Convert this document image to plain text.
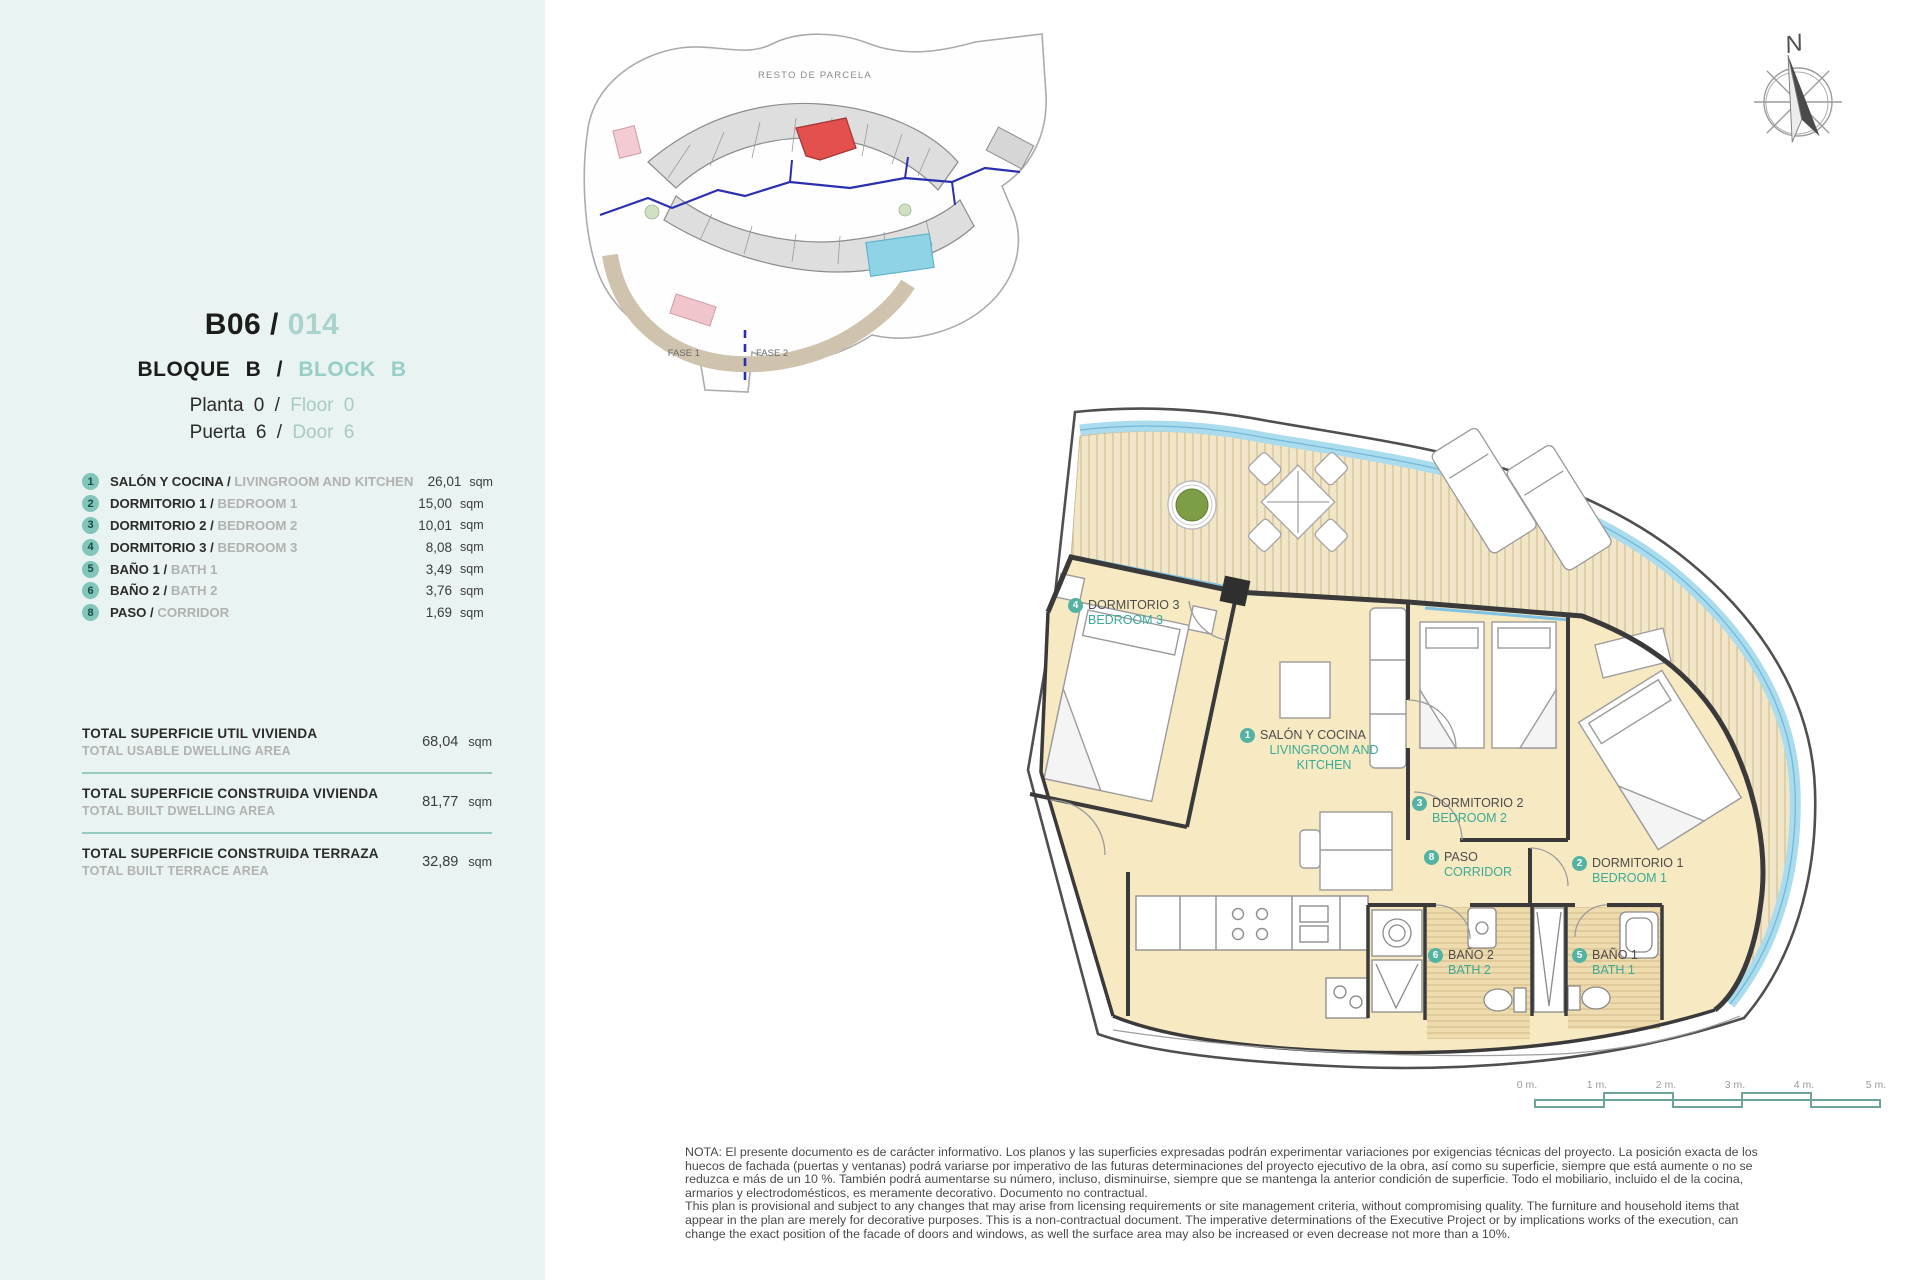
B06 / 014
BLOQUE B / BLOCK B
Planta 0 / Floor 0
Puerta 6 / Door 6
1	SALÓN Y COCINA / LIVINGROOM AND KITCHEN	26,01 sqm
2	DORMITORIO 1 / BEDROOM 1	15,00 sqm
3	DORMITORIO 2 / BEDROOM 2	10,01 sqm
4	DORMITORIO 3 / BEDROOM 3	8,08 sqm
5	BAÑO 1 / BATH 1	3,49 sqm
6	BAÑO 2 / BATH 2	3,76 sqm
8	PASO / CORRIDOR	1,69 sqm
TOTAL SUPERFICIE UTIL VIVIENDA
TOTAL USABLE DWELLING AREA
68,04 sqm
TOTAL SUPERFICIE CONSTRUIDA VIVIENDA
TOTAL BUILT DWELLING AREA
81,77 sqm
TOTAL SUPERFICIE CONSTRUIDA TERRAZA
TOTAL BUILT TERRACE AREA
32,89 sqm
RESTO DE PARCELA
FASE 1	FASE 2
N
0 m.	1 m.	2 m.	3 m.	4 m.	5 m.
1 SALÓN Y COCINA
LIVINGROOM AND
KITCHEN
2 DORMITORIO 1
BEDROOM 1
3 DORMITORIO 2
BEDROOM 2
4 DORMITORIO 3
BEDROOM 3
5 BAÑO 1
BATH 1
6 BAÑO 2
BATH 2
8 PASO
CORRIDOR
NOTA: El presente documento es de carácter informativo. Los planos y las superficies expresadas podrán experimentar variaciones por exigencias técnicas del proyecto. La posición exacta de los
huecos de fachada (puertas y ventanas) podrá variarse por imperativo de las futuras determinaciones del proyecto ejecutivo de la obra, así como su superficie, siempre que está aumente o no se
reduzca e más de un 10 %. También podrá aumentarse su número, incluso, disminuirse, siempre que se mantenga la anterior condición de superficie. Todo el mobiliario, incluido el de la cocina,
armarios y electrodomésticos, es meramente decorativo. Documento no contractual.
This plan is provisional and subject to any changes that may arise from licensing requirements or site management criteria, without compromising quality. The furniture and household items that
appear in the plan are merely for decorative purposes. This is a non-contractual document. The imperative determinations of the Executive Project or by implications works of the execution, can
change the exact position of the facade of doors and windows, as well the surface area may also be increased or even decrease not more than a 10%.
